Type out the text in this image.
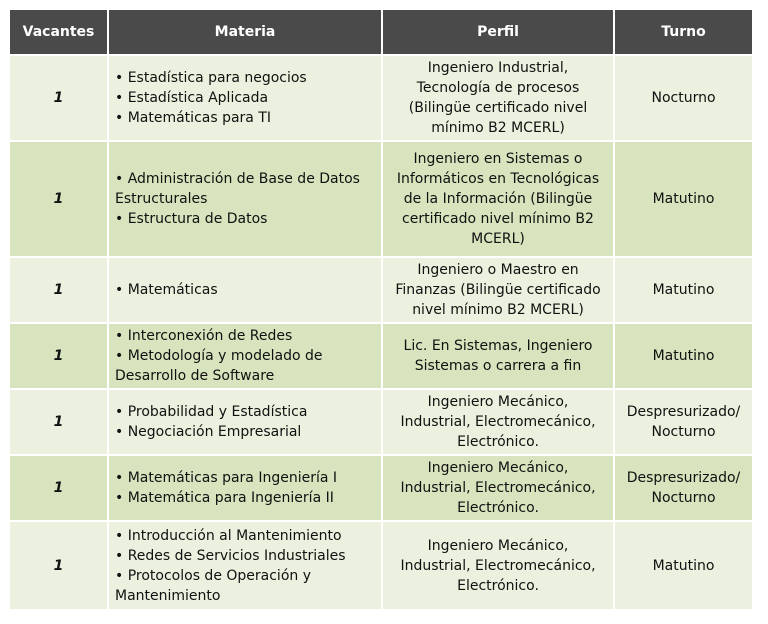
Vacantes	Materia	Perfil	Turno
1	• Estadística para negocios
• Estadística Aplicada
• Matemáticas para TI	Ingeniero Industrial,
Tecnología de procesos
(Bilingüe certificado nivel
mínimo B2 MCERL)	Nocturno

1	• Administración de Base de Datos
Estructurales
• Estructura de Datos	Ingeniero en Sistemas o
Informáticos en Tecnológicas
de la Información (Bilingüe
certificado nivel mínimo B2
MCERL)	Matutino

1	• Matemáticas	Ingeniero o Maestro en
Finanzas (Bilingüe certificado
nivel mínimo B2 MCERL)	Matutino

1	• Interconexión de Redes
• Metodología y modelado de
Desarrollo de Software	Lic. En Sistemas, Ingeniero
Sistemas o carrera a fin	Matutino

1	• Probabilidad y Estadística
• Negociación Empresarial	Ingeniero Mecánico,
Industrial, Electromecánico,
Electrónico.	Despresurizado/
Nocturno

1	• Matemáticas para Ingeniería I
• Matemática para Ingeniería II	Ingeniero Mecánico,
Industrial, Electromecánico,
Electrónico.	Despresurizado/
Nocturno

1	• Introducción al Mantenimiento
• Redes de Servicios Industriales
• Protocolos de Operación y
Mantenimiento	Ingeniero Mecánico,
Industrial, Electromecánico,
Electrónico.	Matutino
